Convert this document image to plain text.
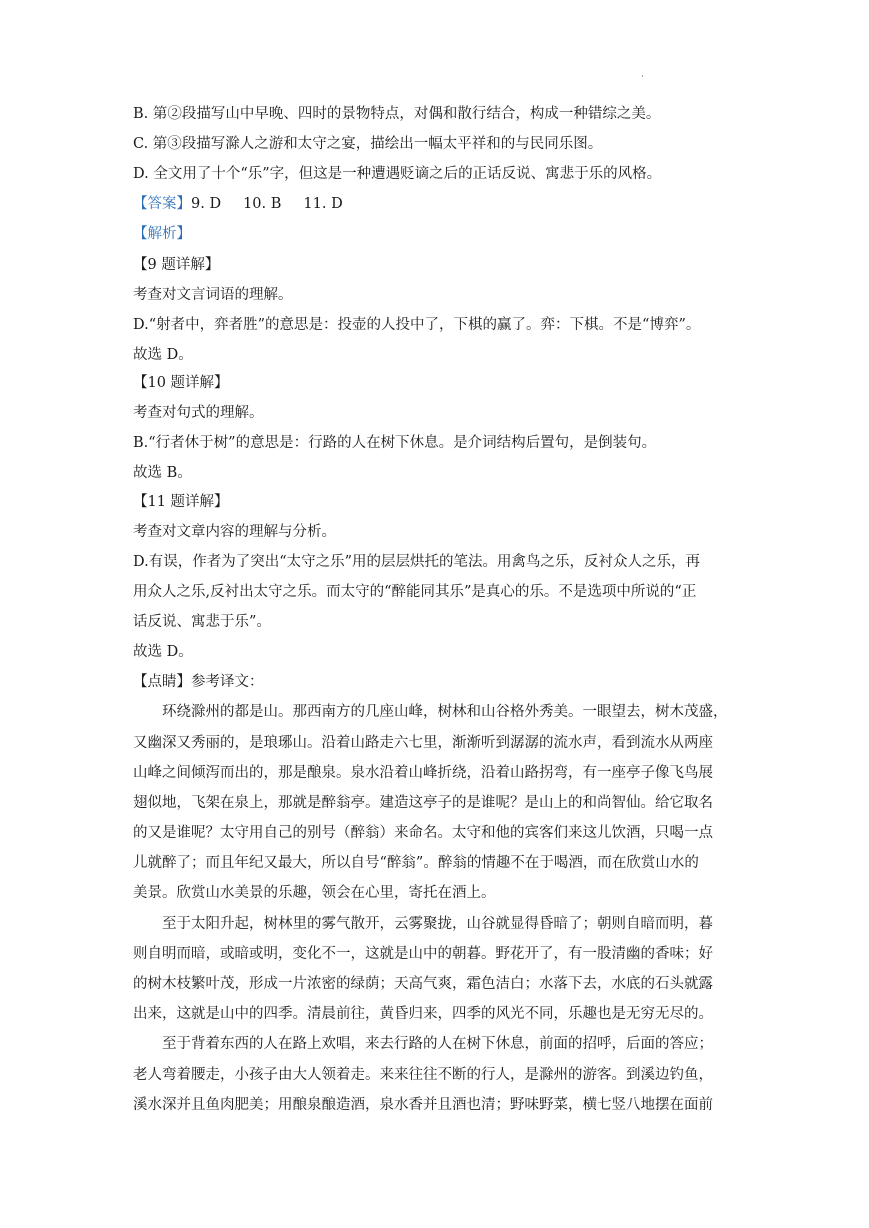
·
B. 第②段描写山中早晚、四时的景物特点，对偶和散行结合，构成一种错综之美。
C. 第③段描写滁人之游和太守之宴，描绘出一幅太平祥和的与民同乐图。
D. 全文用了十个“乐”字，但这是一种遭遇贬谪之后的正话反说、寓悲于乐的风格。
【答案】9. D 10. B 11. D
【解析】
【9 题详解】
考查对文言词语的理解。
D.“射者中，弈者胜”的意思是：投壶的人投中了，下棋的赢了。弈：下棋。不是“博弈”。
故选 D。
【10 题详解】
考查对句式的理解。
B.“行者休于树”的意思是：行路的人在树下休息。是介词结构后置句，是倒装句。
故选 B。
【11 题详解】
考查对文章内容的理解与分析。
D.有误，作者为了突出“太守之乐”用的层层烘托的笔法。用禽鸟之乐，反衬众人之乐，再
用众人之乐,反衬出太守之乐。而太守的“醉能同其乐”是真心的乐。不是选项中所说的“正
话反说、寓悲于乐”。
故选 D。
【点睛】参考译文：
环绕滁州的都是山。那西南方的几座山峰，树林和山谷格外秀美。一眼望去，树木茂盛，
又幽深又秀丽的，是琅琊山。沿着山路走六七里，渐渐听到潺潺的流水声，看到流水从两座
山峰之间倾泻而出的，那是酿泉。泉水沿着山峰折绕，沿着山路拐弯，有一座亭子像飞鸟展
翅似地，飞架在泉上，那就是醉翁亭。建造这亭子的是谁呢？是山上的和尚智仙。给它取名
的又是谁呢？太守用自己的别号（醉翁）来命名。太守和他的宾客们来这儿饮酒，只喝一点
儿就醉了；而且年纪又最大，所以自号“醉翁”。醉翁的情趣不在于喝酒，而在欣赏山水的
美景。欣赏山水美景的乐趣，领会在心里，寄托在酒上。
至于太阳升起，树林里的雾气散开，云雾聚拢，山谷就显得昏暗了；朝则自暗而明，暮
则自明而暗，或暗或明，变化不一，这就是山中的朝暮。野花开了，有一股清幽的香味；好
的树木枝繁叶茂，形成一片浓密的绿荫；天高气爽，霜色洁白；水落下去，水底的石头就露
出来，这就是山中的四季。清晨前往，黄昏归来，四季的风光不同，乐趣也是无穷无尽的。
至于背着东西的人在路上欢唱，来去行路的人在树下休息，前面的招呼，后面的答应；
老人弯着腰走，小孩子由大人领着走。来来往往不断的行人，是滁州的游客。到溪边钓鱼，
溪水深并且鱼肉肥美；用酿泉酿造酒，泉水香并且酒也清；野味野菜，横七竖八地摆在面前
